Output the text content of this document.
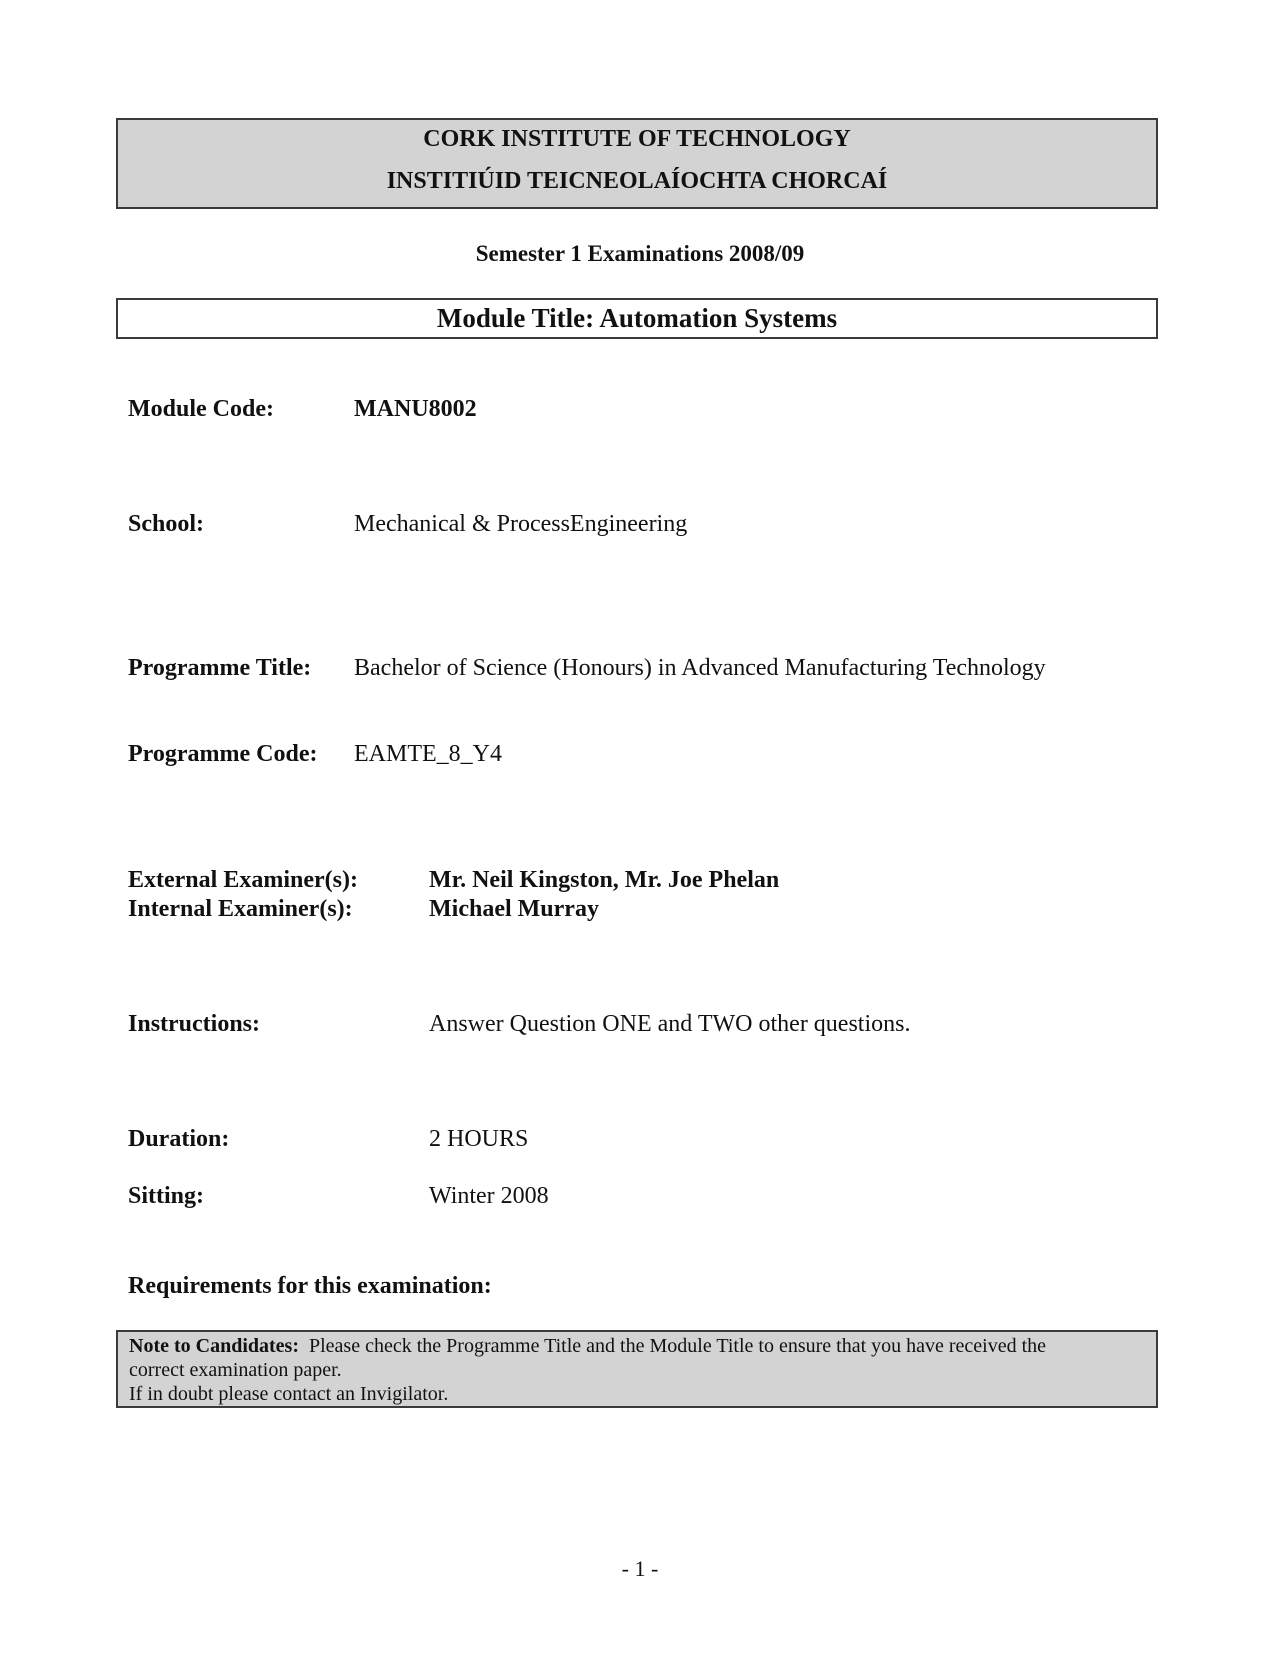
CORK INSTITUTE OF TECHNOLOGY
INSTITIÚID TEICNEOLAÍOCHTA CHORCAÍ
Semester 1 Examinations 2008/09
Module Title: Automation Systems
Module Code:	MANU8002
School:	Mechanical & ProcessEngineering
Programme Title: Bachelor of Science (Honours) in Advanced Manufacturing Technology
Programme Code: EAMTE_8_Y4
External Examiner(s):	Mr. Neil Kingston, Mr. Joe Phelan
Internal Examiner(s):	Michael Murray
Instructions:	Answer Question ONE and TWO other questions.
Duration:	2 HOURS
Sitting:	Winter 2008
Requirements for this examination:
Note to Candidates: Please check the Programme Title and the Module Title to ensure that you have received the
correct examination paper.
If in doubt please contact an Invigilator.
- 1 -
